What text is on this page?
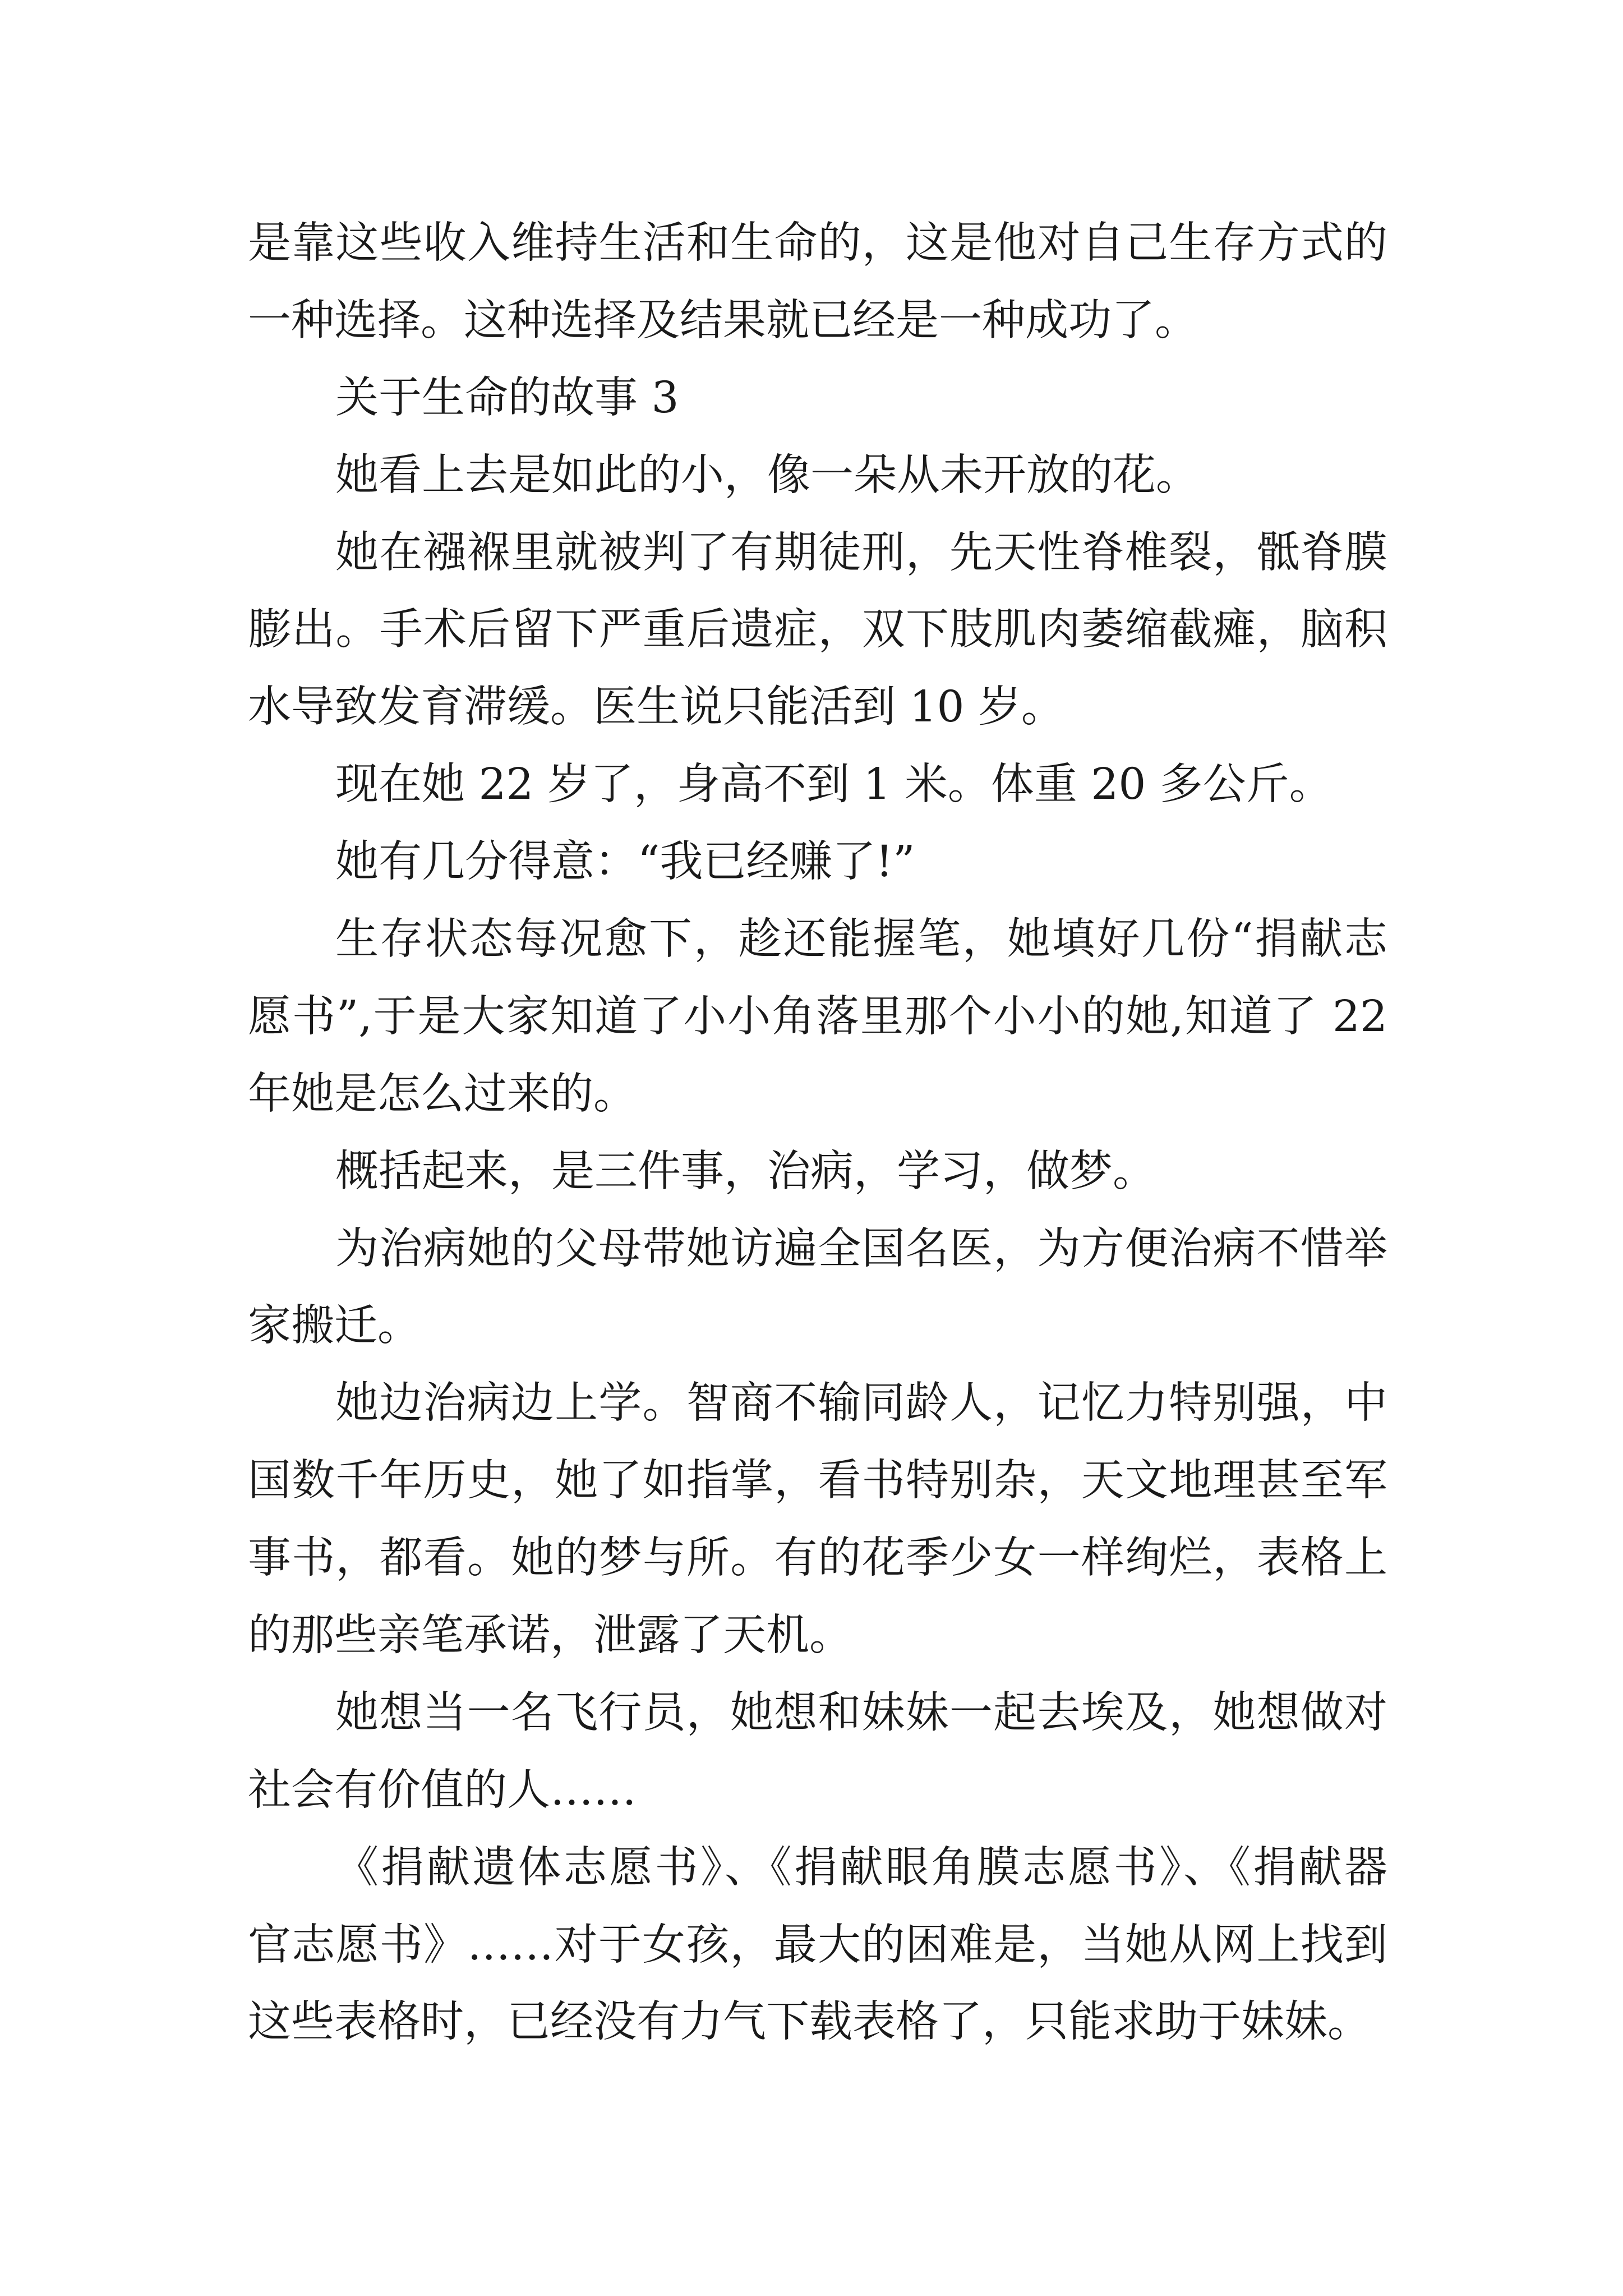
是靠这些收入维持生活和生命的，这是他对自己生存方式的
一种选择。这种选择及结果就已经是一种成功了。
关于生命的故事 3
她看上去是如此的小，像一朵从未开放的花。
她在襁褓里就被判了有期徒刑，先天性脊椎裂，骶脊膜
膨出。手术后留下严重后遗症，双下肢肌肉萎缩截瘫，脑积
水导致发育滞缓。医生说只能活到 10 岁。
现在她 22 岁了，身高不到 1 米。体重 20 多公斤。
她有几分得意：“我已经赚了!”
生存状态每况愈下，趁还能握笔，她填好几份“捐献志
愿书”,于是大家知道了小小角落里那个小小的她,知道了 22
年她是怎么过来的。
概括起来，是三件事，治病，学习，做梦。
为治病她的父母带她访遍全国名医，为方便治病不惜举
家搬迁。
她边治病边上学。智商不输同龄人，记忆力特别强，中
国数千年历史，她了如指掌，看书特别杂，天文地理甚至军
事书，都看。她的梦与所。有的花季少女一样绚烂，表格上
的那些亲笔承诺，泄露了天机。
她想当一名飞行员，她想和妹妹一起去埃及，她想做对
社会有价值的人……
《捐献遗体志愿书》、《捐献眼角膜志愿书》、《捐献器
官志愿书》……对于女孩，最大的困难是，当她从网上找到
这些表格时，已经没有力气下载表格了，只能求助于妹妹。
